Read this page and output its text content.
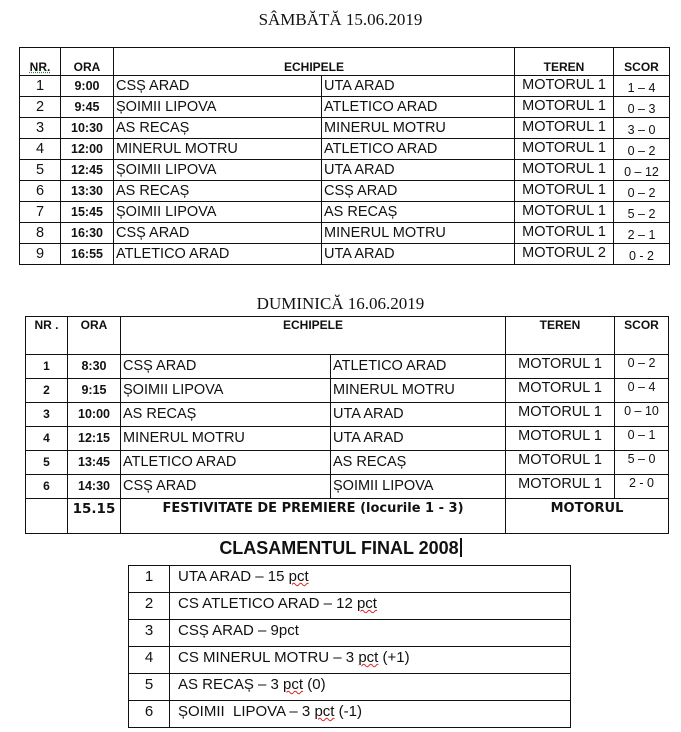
SÂMBĂTĂ 15.06.2019
NR.	ORA	ECHIPELE		TEREN	SCOR
1	9:00	CSȘ ARAD	UTA ARAD	MOTORUL 1	1 – 4
2	9:45	ȘOIMII LIPOVA	ATLETICO ARAD	MOTORUL 1	0 – 3
3	10:30	AS RECAȘ	MINERUL MOTRU	MOTORUL 1	3 – 0
4	12:00	MINERUL MOTRU	ATLETICO ARAD	MOTORUL 1	0 – 2
5	12:45	ȘOIMII LIPOVA	UTA ARAD	MOTORUL 1	0 – 12
6	13:30	AS RECAȘ	CSȘ ARAD	MOTORUL 1	0 – 2
7	15:45	ȘOIMII LIPOVA	AS RECAȘ	MOTORUL 1	5 – 2
8	16:30	CSȘ ARAD	MINERUL MOTRU	MOTORUL 1	2 – 1
9	16:55	ATLETICO ARAD	UTA ARAD	MOTORUL 2	0 - 2
DUMINICĂ 16.06.2019
NR .	ORA	ECHIPELE		TEREN	SCOR
1	8:30	CSȘ ARAD	ATLETICO ARAD	MOTORUL 1	0 – 2
2	9:15	ȘOIMII LIPOVA	MINERUL MOTRU	MOTORUL 1	0 – 4
3	10:00	AS RECAȘ	UTA ARAD	MOTORUL 1	0 – 10
4	12:15	MINERUL MOTRU	UTA ARAD	MOTORUL 1	0 – 1
5	13:45	ATLETICO ARAD	AS RECAȘ	MOTORUL 1	5 – 0
6	14:30	CSȘ ARAD	ȘOIMII LIPOVA	MOTORUL 1	2 - 0
	15.15	FESTIVITATE DE PREMIERE (locurile 1 - 3)		MOTORUL	
CLASAMENTUL FINAL 2008
1	UTA ARAD – 15 pct
2	CS ATLETICO ARAD – 12 pct
3	CSȘ ARAD – 9pct
4	CS MINERUL MOTRU – 3 pct (+1)
5	AS RECAȘ – 3 pct (0)
6	ȘOIMII  LIPOVA – 3 pct (-1)
